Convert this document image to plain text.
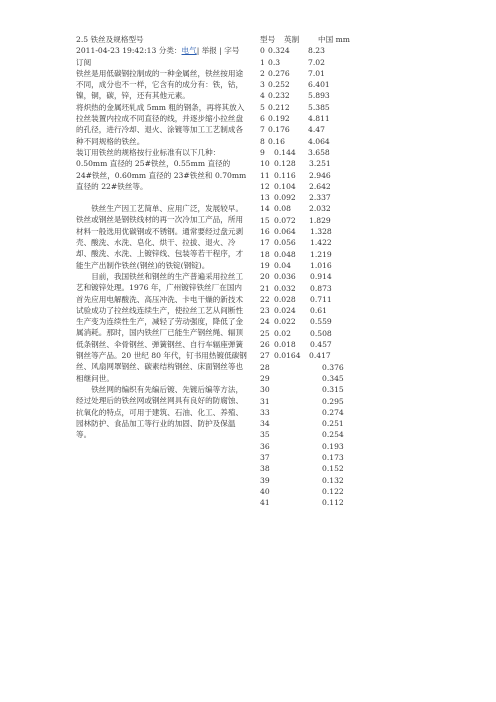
2.5 铁丝及规格型号

2011-04-23 19:42:13 分类：电气| 举报 | 字号 订阅

铁丝是用低碳钢拉制成的一种金属丝，铁丝按用途不同，成分也不一样，它含有的成分有：铁，钴，镍，铜，碳，锌，还有其他元素。

将炽热的金属坯轧成 5mm 粗的钢条，再将其放入拉丝装置内拉成不同直径的线，并逐步缩小拉丝盘的孔径，进行冷却、退火、涂镀等加工工艺制成各种不同规格的铁丝。

装订用铁丝的规格按行业标准有以下几种：0.50mm 直径的 25#铁丝，0.55mm 直径的 24#铁丝，0.60mm 直径的 23#铁丝和 0.70mm 直径的 22#铁丝等。

铁丝生产因工艺简单、应用广泛，发展较早。铁丝或钢丝是钢铁线材的再一次冷加工产品，所用材料一般选用优碳钢或不锈钢。通常要经过盘元剥壳、酸洗、水洗、皂化、烘干、拉拔、退火、冷却、酸洗、水洗、上镀锌线、包装等若干程序，才能生产出制作铁丝(钢丝)的铁锭(钢锭)。

目前，我国铁丝和钢丝的生产普遍采用拉丝工艺和镀锌处理。1976 年，广州镀锌铁丝厂在国内首先应用电解酸洗、高压冲洗、卡电干燥的新技术试验成功了拉丝线连续生产，使拉丝工艺从间断性生产变为连续性生产，减轻了劳动强度，降低了金属消耗。那时，国内铁丝厂已能生产钢丝绳、辐顶低条钢丝、伞骨钢丝、弹簧钢丝、自行车辐座弹簧钢丝等产品。20 世纪 80 年代，钉书用热镀低碳钢丝、风扇网罩钢丝、碳素结构钢丝、床面钢丝等也相继问世。

铁丝网的编织有先编后镀、先镀后编等方法，经过处理后的铁丝网或钢丝网具有良好的防腐蚀、抗氧化的特点，可用于建筑、石油、化工、养殖、园林防护、食品加工等行业的加固、防护及保温等。

型号 英制 中国 mm
0 0.324 8.23
1 0.3	7.02
2 0.276 7.01
3 0.252 6.401
4 0.232 5.893
5 0.212 5.385
6 0.192 4.811
7 0.176 4.47
8 0.16	4.064
9 0.144 3.658
10 0.128 3.251
11 0.116 2.946
12 0.104 2.642
13 0.092 2.337
14 0.08 2.032
15 0.072 1.829
16 0.064 1.328
17 0.056 1.422
18 0.048 1.219
19 0.04	1.016
20 0.036 0.914
21 0.032 0.873
22 0.028 0.711
23 0.024 0.61
24 0.022 0.559
25 0.02	0.508
26 0.018 0.457
27 0.0164 0.417
28	0.376
29	0.345
30	0.315
31	0.295
33	0.274
34	0.251
35	0.254
36	0.193
37	0.173
38	0.152
39	0.132
40	0.122
41	0.112
